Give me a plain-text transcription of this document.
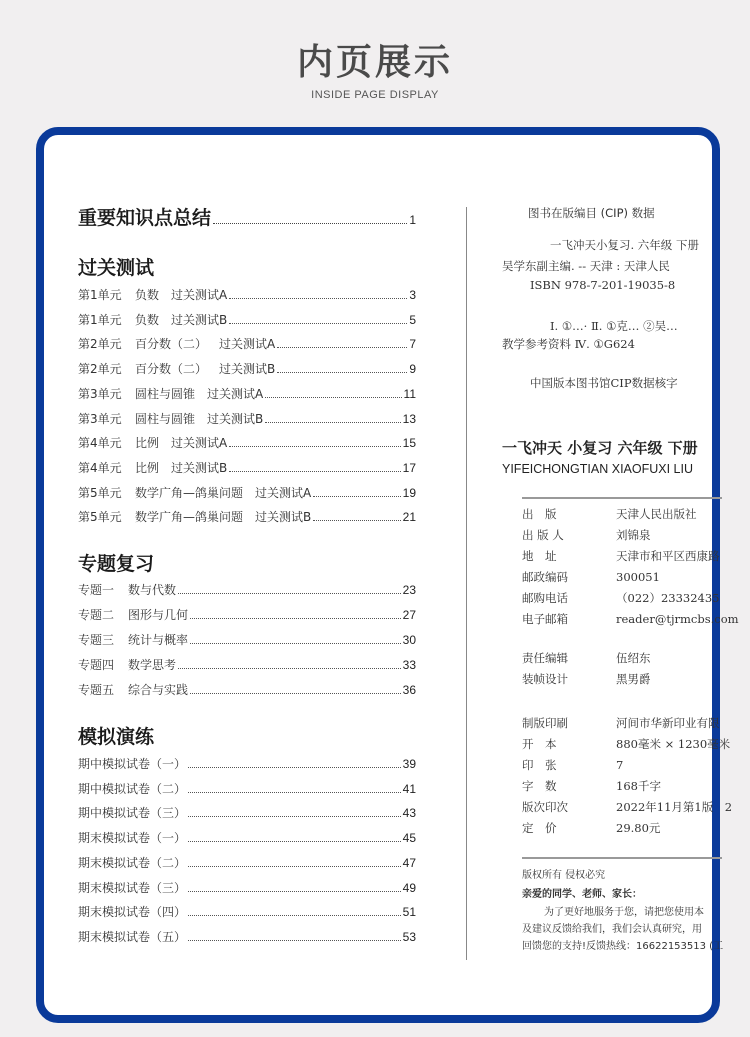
内页展示
INSIDE PAGE DISPLAY
重要知识点总结	1
过关测试
第1单元 负数 过关测试A	3
第1单元 负数 过关测试B	5
第2单元 百分数（二） 过关测试A	7
第2单元 百分数（二） 过关测试B	9
第3单元 圆柱与圆锥 过关测试A	11
第3单元 圆柱与圆锥 过关测试B	13
第4单元 比例 过关测试A	15
第4单元 比例 过关测试B	17
第5单元 数学广角—鸽巢问题 过关测试A	19
第5单元 数学广角—鸽巢问题 过关测试B	21
专题复习
专题一 数与代数	23
专题二 图形与几何	27
专题三 统计与概率	30
专题四 数学思考	33
专题五 综合与实践	36
模拟演练
期中模拟试卷（一）	39
期中模拟试卷（二）	41
期中模拟试卷（三）	43
期末模拟试卷（一）	45
期末模拟试卷（二）	47
期末模拟试卷（三）	49
期末模拟试卷（四）	51
期末模拟试卷（五）	53
图书在版编目 (CIP) 数据
一飞冲天小复习. 六年级 下册
吴学东副主编. -- 天津 : 天津人民
ISBN 978-7-201-19035-8
Ⅰ. ①…· Ⅱ. ①克… ②吴…
教学参考资料 Ⅳ. ①G624
中国版本图书馆CIP数据核字
一飞冲天 小复习 六年级 下册
YIFEICHONGTIAN XIAOFUXI LIU
出　版	天津人民出版社
出 版 人	刘锦泉
地　址	天津市和平区西康路
邮政编码	300051
邮购电话	（022）23332435
电子邮箱	reader@tjrmcbs.com
责任编辑	伍绍东
装帧设计	黑男爵
制版印刷	河间市华新印业有限
开　本	880毫米 × 1230毫米
印　张	7
字　数	168千字
版次印次	2022年11月第1版　2
定　价	29.80元
版权所有 侵权必究
亲爱的同学、老师、家长：
为了更好地服务于您，请把您使用本
及建议反馈给我们，我们会认真研究，用
回馈您的支持!反馈热线：16622153513 (工
